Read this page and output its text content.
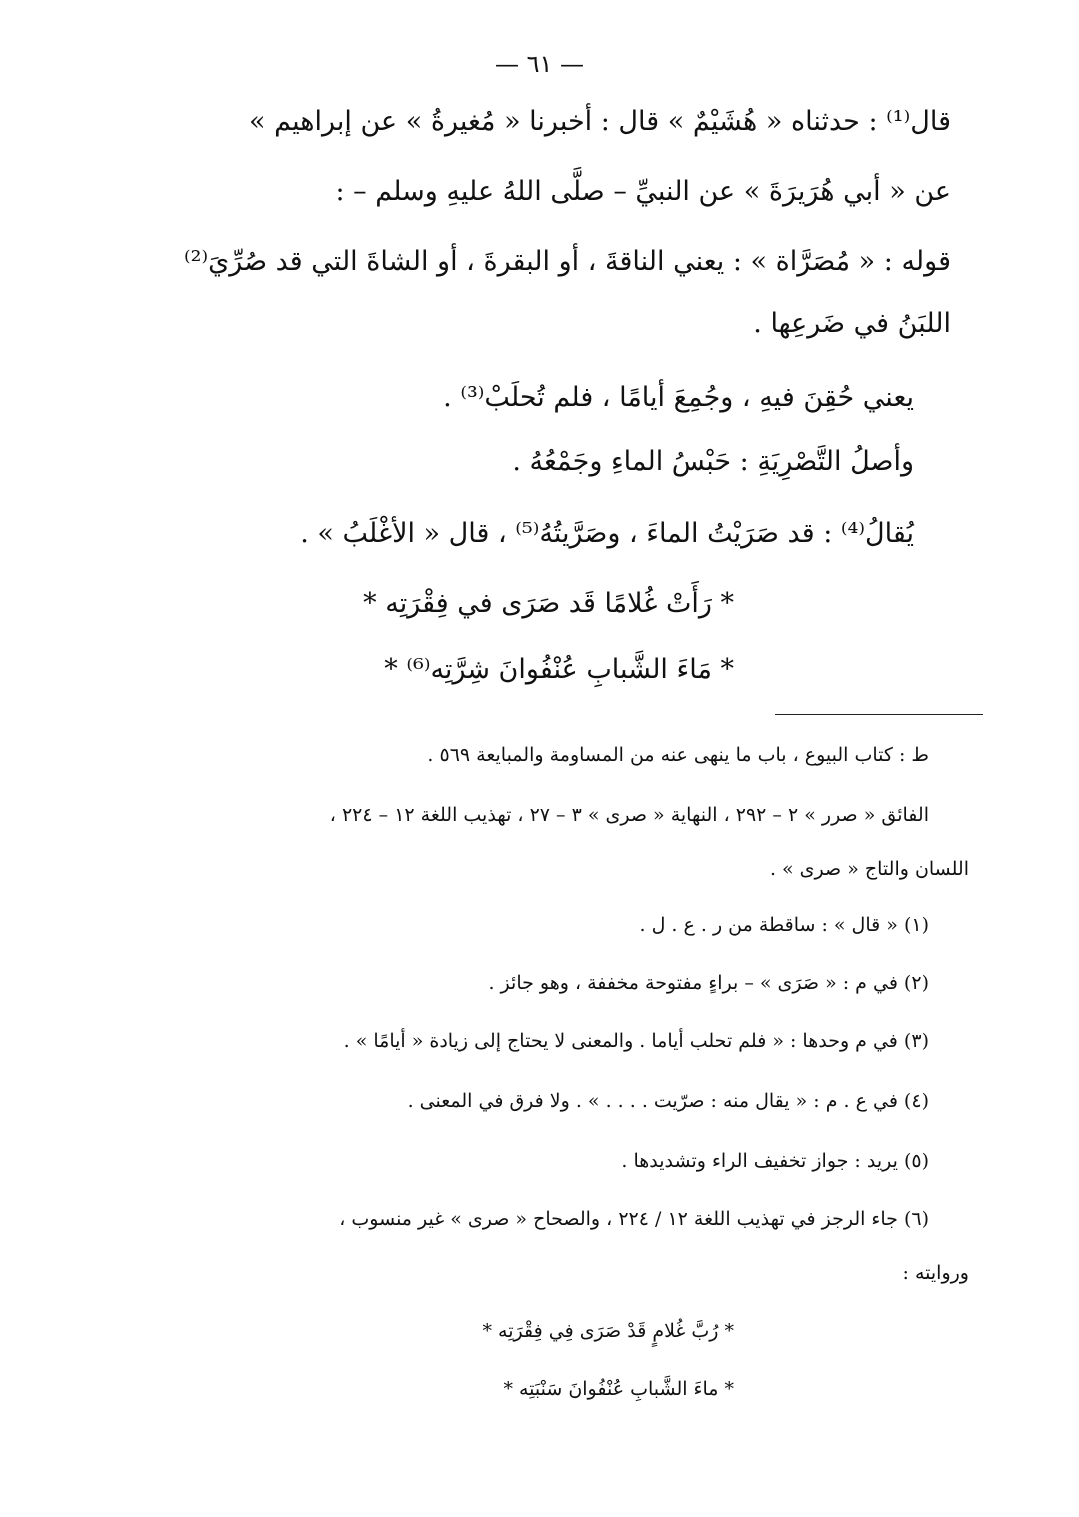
— ٦١ —
قال⁽¹⁾ : حدثناه « هُشَيْمٌ » قال : أخبرنا « مُغيرةُ » عن إبراهيم »
عن « أبي هُرَيرَةَ » عن النبيِّ – صلَّى اللهُ عليهِ وسلم – :
قوله : « مُصَرَّاة » : يعني الناقةَ ، أو البقرةَ ، أو الشاةَ التي قد صُرِّيَ⁽²⁾
اللبَنُ في ضَرعِها .
يعني حُقِنَ فيهِ ، وجُمِعَ أيامًا ، فلم تُحلَبْ⁽³⁾ .
وأصلُ التَّصْرِيَةِ : حَبْسُ الماءِ وجَمْعُهُ .
يُقالُ⁽⁴⁾ : قد صَرَيْتُ الماءَ ، وصَرَّيتُهُ⁽⁵⁾ ، قال « الأغْلَبُ » .
* رَأَتْ غُلامًا قَد صَرَى في فِقْرَتِه *
* مَاءَ الشَّبابِ عُنْفُوانَ شِرَّتِه⁽⁶⁾ *
ط : كتاب البيوع ، باب ما ينهى عنه من المساومة والمبايعة ٥٦٩ .
الفائق « صرر » ٢ – ٢٩٢ ، النهاية « صرى » ٣ – ٢٧ ، تهذيب اللغة ١٢ – ٢٢٤ ،
اللسان والتاج « صرى » .
(١) « قال » : ساقطة من ر . ع . ل .
(٢) في م : « صَرَى » – براءٍ مفتوحة مخففة ، وهو جائز .
(٣) في م وحدها : « فلم تحلب أياما . والمعنى لا يحتاج إلى زيادة « أيامًا » .
(٤) في ع . م : « يقال منه : صرّيت . . . . » . ولا فرق في المعنى .
(٥) يريد : جواز تخفيف الراء وتشديدها .
(٦) جاء الرجز في تهذيب اللغة ١٢ / ٢٢٤ ، والصحاح « صرى » غير منسوب ،
وروايته :
* رُبَّ غُلامٍ قَدْ صَرَى فِي فِقْرَتِه *
* ماءَ الشَّبابِ عُنْفُوانَ سَنْبَتِه *
